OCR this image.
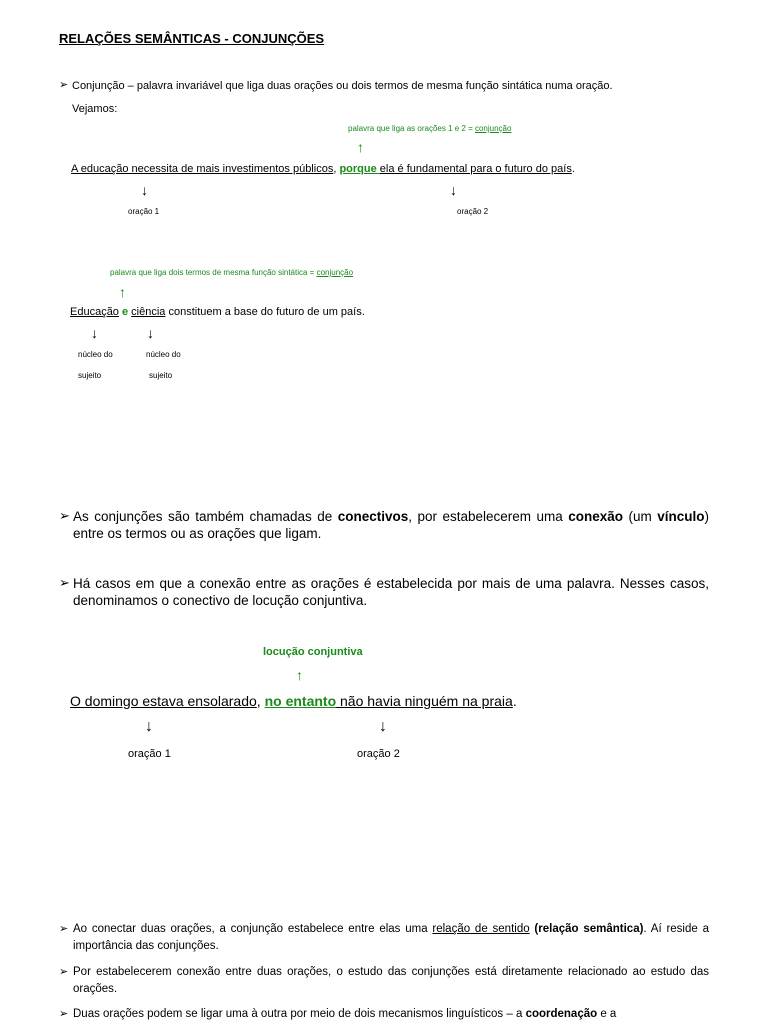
RELAÇÕES SEMÂNTICAS - CONJUNÇÕES
➢ Conjunção – palavra invariável que liga duas orações ou dois termos de mesma função sintática numa oração.
Vejamos:
palavra que liga as orações 1 e 2 = conjunção
↑
A educação necessita de mais investimentos públicos, porque ela é fundamental para o futuro do país.
↓	↓
oração 1	oração 2
palavra que liga dois termos de mesma função sintática = conjunção
↑
Educação e ciência constituem a base do futuro de um país.
↓	↓
núcleo do
sujeito
núcleo do
sujeito
➢ As conjunções são também chamadas de conectivos, por estabelecerem uma conexão (um vínculo) entre os termos ou as orações que ligam.
➢ Há casos em que a conexão entre as orações é estabelecida por mais de uma palavra. Nesses casos, denominamos o conectivo de locução conjuntiva.
locução conjuntiva
↑
O domingo estava ensolarado, no entanto não havia ninguém na praia.
↓	↓
oração 1	oração 2
➢ Ao conectar duas orações, a conjunção estabelece entre elas uma relação de sentido (relação semântica). Aí reside a importância das conjunções.
➢ Por estabelecerem conexão entre duas orações, o estudo das conjunções está diretamente relacionado ao estudo das orações.
➢ Duas orações podem se ligar uma à outra por meio de dois mecanismos linguísticos – a coordenação e a
